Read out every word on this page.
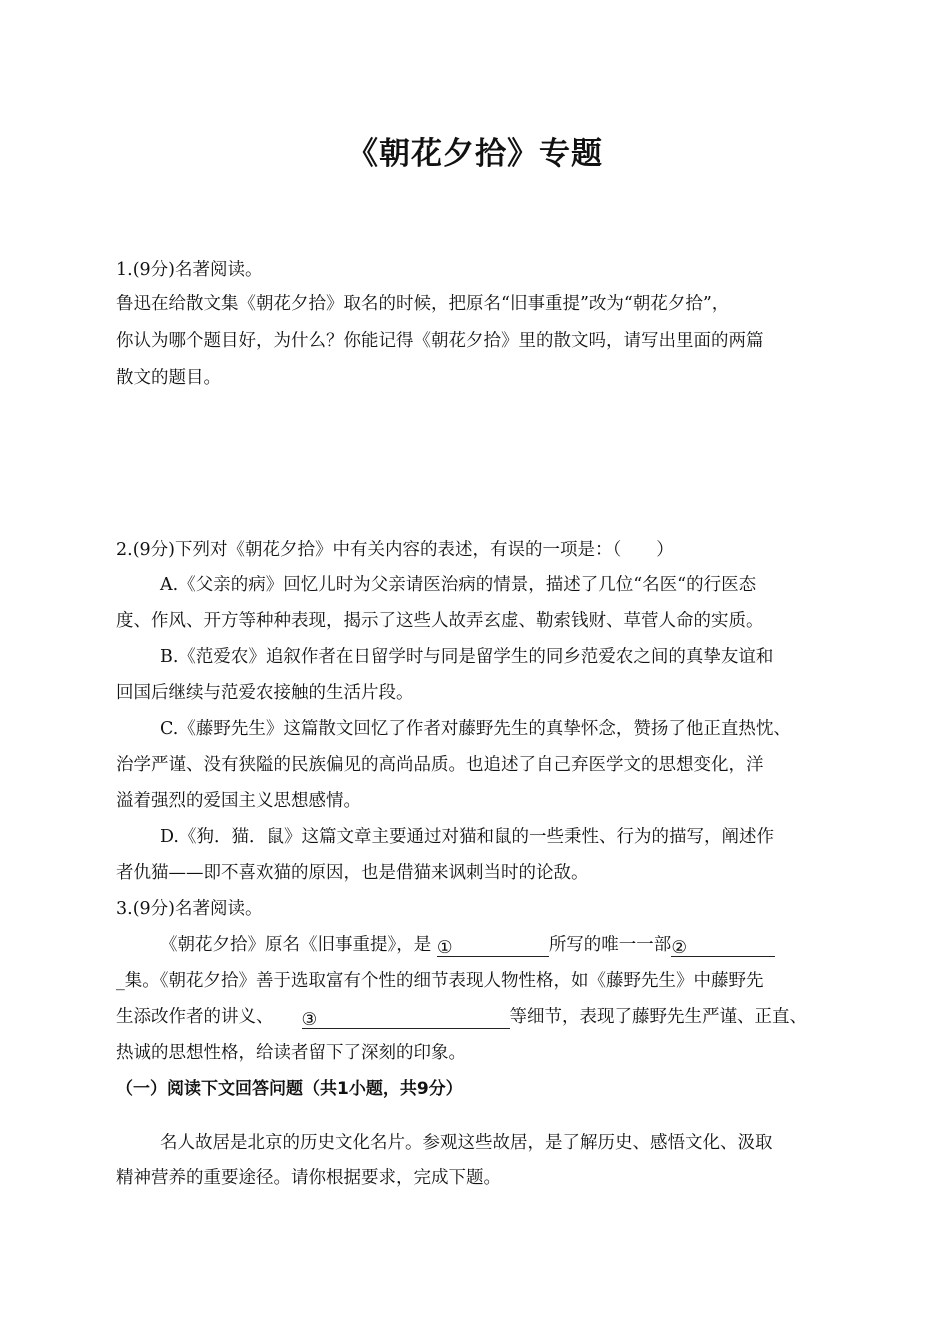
《朝花夕拾》专题
1.(9分)名著阅读。
鲁迅在给散文集《朝花夕拾》取名的时候，把原名“旧事重提”改为“朝花夕拾”，
你认为哪个题目好，为什么？你能记得《朝花夕拾》里的散文吗，请写出里面的两篇
散文的题目。
2.(9分)下列对《朝花夕拾》中有关内容的表述，有误的一项是：（　　）
A.《父亲的病》回忆儿时为父亲请医治病的情景，描述了几位“名医“的行医态
度、作风、开方等种种表现，揭示了这些人故弄玄虚、勒索钱财、草菅人命的实质。
B.《范爱农》追叙作者在日留学时与同是留学生的同乡范爱农之间的真挚友谊和
回国后继续与范爱农接触的生活片段。
C.《藤野先生》这篇散文回忆了作者对藤野先生的真挚怀念，赞扬了他正直热忱、
治学严谨、没有狭隘的民族偏见的高尚品质。也追述了自己弃医学文的思想变化，洋
溢着强烈的爱国主义思想感情。
D.《狗．猫．鼠》这篇文章主要通过对猫和鼠的一些秉性、行为的描写，阐述作
者仇猫——即不喜欢猫的原因，也是借猫来讽刺当时的论敌。
3.(9分)名著阅读。
《朝花夕拾》原名《旧事重提》，是 ①	所写的唯一一部②
_集。《朝花夕拾》善于选取富有个性的细节表现人物性格，如《藤野先生》中藤野先
生添改作者的讲义、 ③	等细节，表现了藤野先生严谨、正直、
热诚的思想性格，给读者留下了深刻的印象。
（一）阅读下文回答问题（共1小题，共9分）
名人故居是北京的历史文化名片。参观这些故居，是了解历史、感悟文化、汲取
精神营养的重要途径。请你根据要求，完成下题。
